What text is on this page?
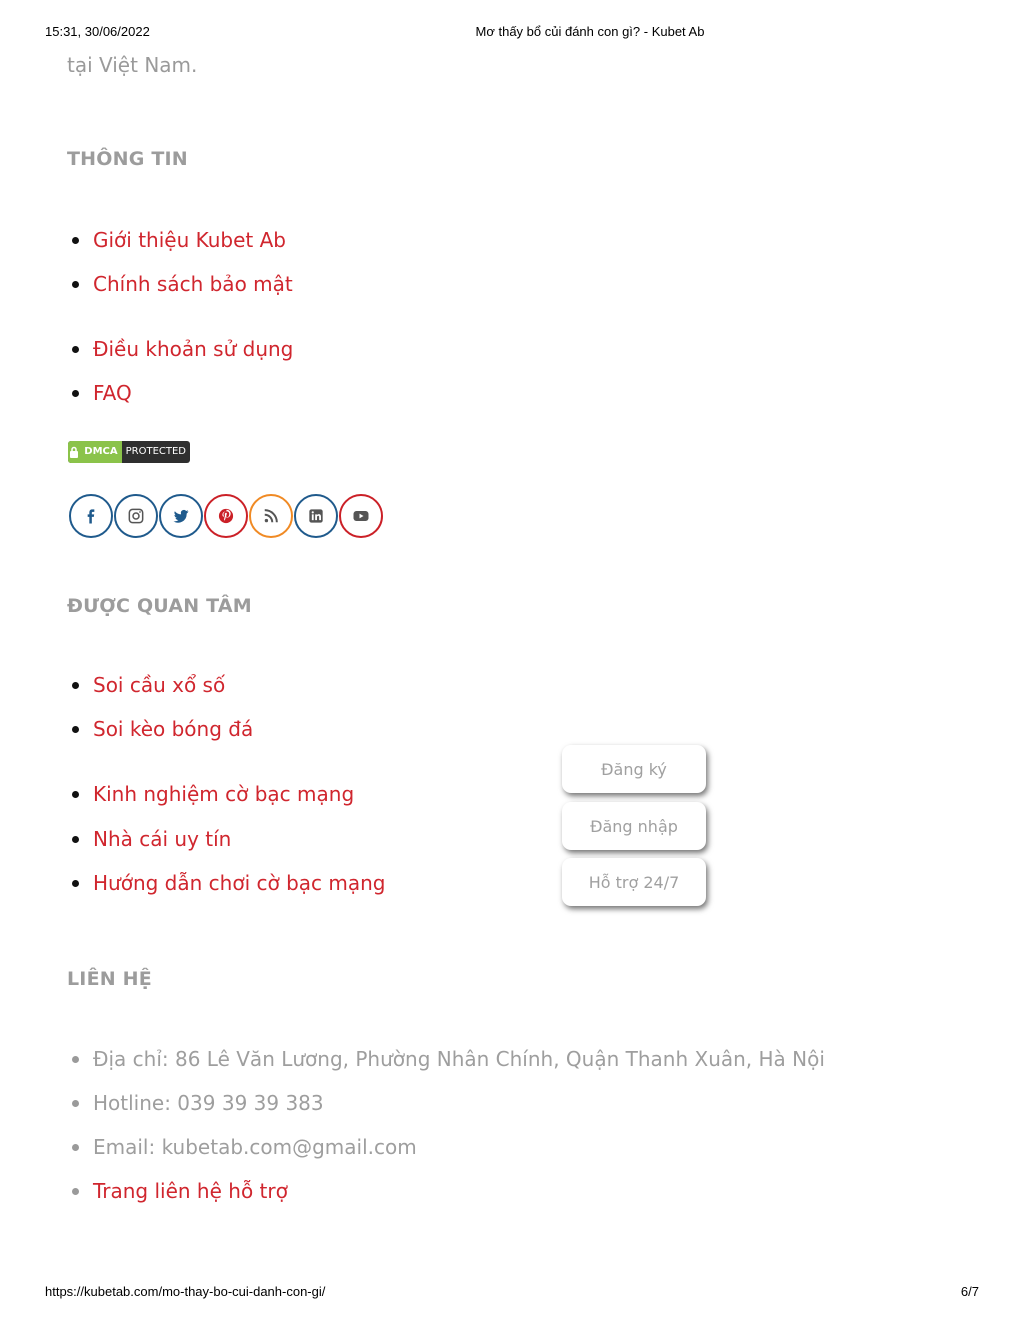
15:31, 30/06/2022	Mơ thấy bổ củi đánh con gì? - Kubet Ab
tại Việt Nam.
THÔNG TIN
Giới thiệu Kubet Ab
Chính sách bảo mật
Điều khoản sử dụng
FAQ
DMCA PROTECTED
ĐƯỢC QUAN TÂM
Soi cầu xổ số
Soi kèo bóng đá
Kinh nghiệm cờ bạc mạng
Nhà cái uy tín
Hướng dẫn chơi cờ bạc mạng
Đăng ký
Đăng nhập
Hỗ trợ 24/7
LIÊN HỆ
Địa chỉ: 86 Lê Văn Lương, Phường Nhân Chính, Quận Thanh Xuân, Hà Nội
Hotline: 039 39 39 383
Email: kubetab.com@gmail.com
Trang liên hệ hỗ trợ
https://kubetab.com/mo-thay-bo-cui-danh-con-gi/	6/7
